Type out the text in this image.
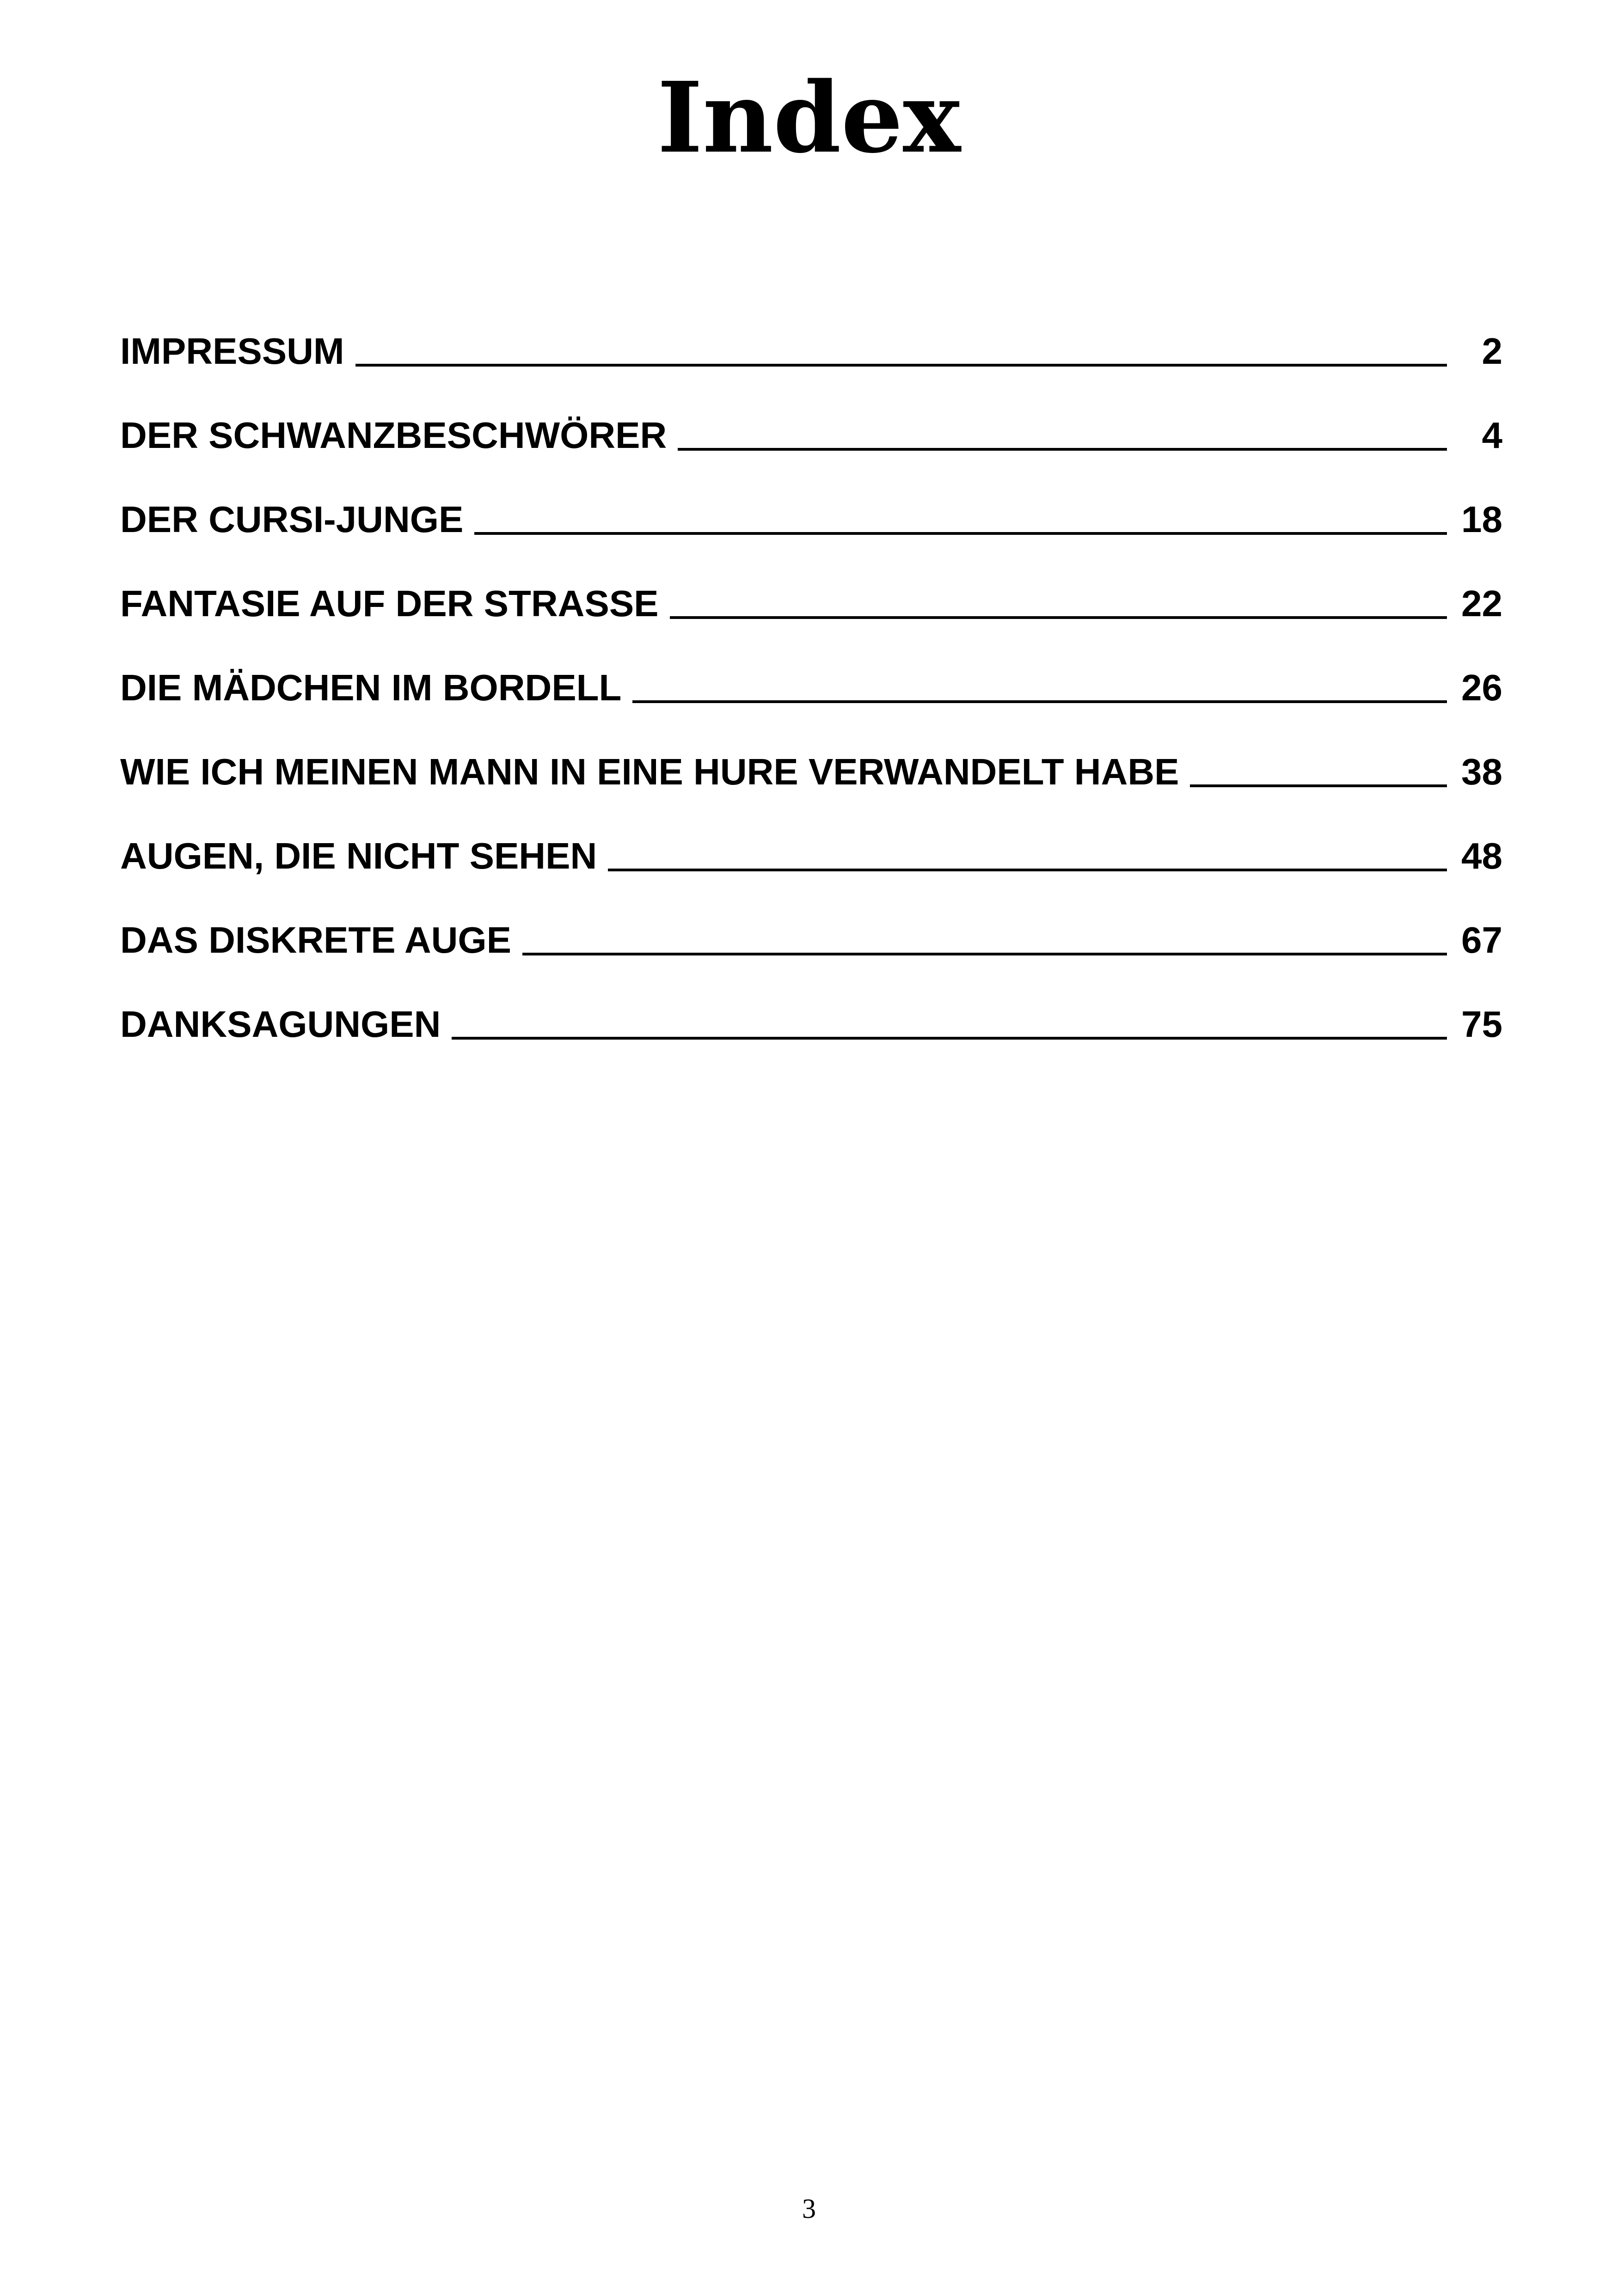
Index
IMPRESSUM	2
DER SCHWANZBESCHWÖRER	4
DER CURSI-JUNGE	18
FANTASIE AUF DER STRASSE	22
DIE MÄDCHEN IM BORDELL	26
WIE ICH MEINEN MANN IN EINE HURE VERWANDELT HABE	38
AUGEN, DIE NICHT SEHEN	48
DAS DISKRETE AUGE	67
DANKSAGUNGEN	75
3
